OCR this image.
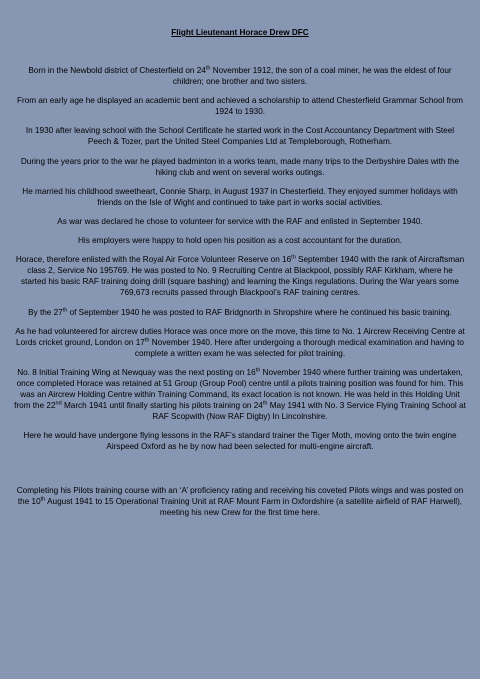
Flight Lieutenant Horace Drew DFC

Born in the Newbold district of Chesterfield on 24th November 1912, the son of a coal miner, he was the eldest of four children; one brother and two sisters.

From an early age he displayed an academic bent and achieved a scholarship to attend Chesterfield Grammar School from 1924 to 1930.

In 1930 after leaving school with the School Certificate he started work in the Cost Accountancy Department with Steel Peech & Tozer, part the United Steel Companies Ltd at Templeborough, Rotherham.

During the years prior to the war he played badminton in a works team, made many trips to the Derbyshire Dales with the hiking club and went on several works outings.

He married his childhood sweetheart, Connie Sharp, in August 1937 in Chesterfield. They enjoyed summer holidays with friends on the Isle of Wight and continued to take part in works social activities.

As war was declared he chose to volunteer for service with the RAF and enlisted in September 1940.

His employers were happy to hold open his position as a cost accountant for the duration.

Horace, therefore enlisted with the Royal Air Force Volunteer Reserve on 16th September 1940 with the rank of Aircraftsman class 2, Service No 195769. He was posted to No. 9 Recruiting Centre at Blackpool, possibly RAF Kirkham, where he started his basic RAF training doing drill (square bashing) and learning the Kings regulations. During the War years some 769,673 recruits passed through Blackpool’s RAF training centres.

By the 27th of September 1940 he was posted to RAF Bridgnorth in Shropshire where he continued his basic training.

As he had volunteered for aircrew duties Horace was once more on the move, this time to No. 1 Aircrew Receiving Centre at Lords cricket ground, London on 17th November 1940. Here after undergoing a thorough medical examination and having to complete a written exam he was selected for pilot training.

No. 8 Initial Training Wing at Newquay was the next posting on 16th November 1940 where further training was undertaken, once completed Horace was retained at 51 Group (Group Pool) centre until a pilots training position was found for him. This was an Aircrew Holding Centre within Training Command, its exact location is not known. He was held in this Holding Unit from the 22nd March 1941 until finally starting his pilots training on 24th May 1941 with No. 3 Service Flying Training School at RAF Scopwith (Now RAF Digby) In Lincolnshire.

Here he would have undergone flying lessons in the RAF’s standard trainer the Tiger Moth, moving onto the twin engine Airspeed Oxford as he by now had been selected for multi-engine aircraft.

Completing his Pilots training course with an ‘A’ proficiency rating and receiving his coveted Pilots wings and was posted on the 10th August 1941 to 15 Operational Training Unit at RAF Mount Farm in Oxfordshire (a satellite airfield of RAF Harwell), meeting his new Crew for the first time here.
